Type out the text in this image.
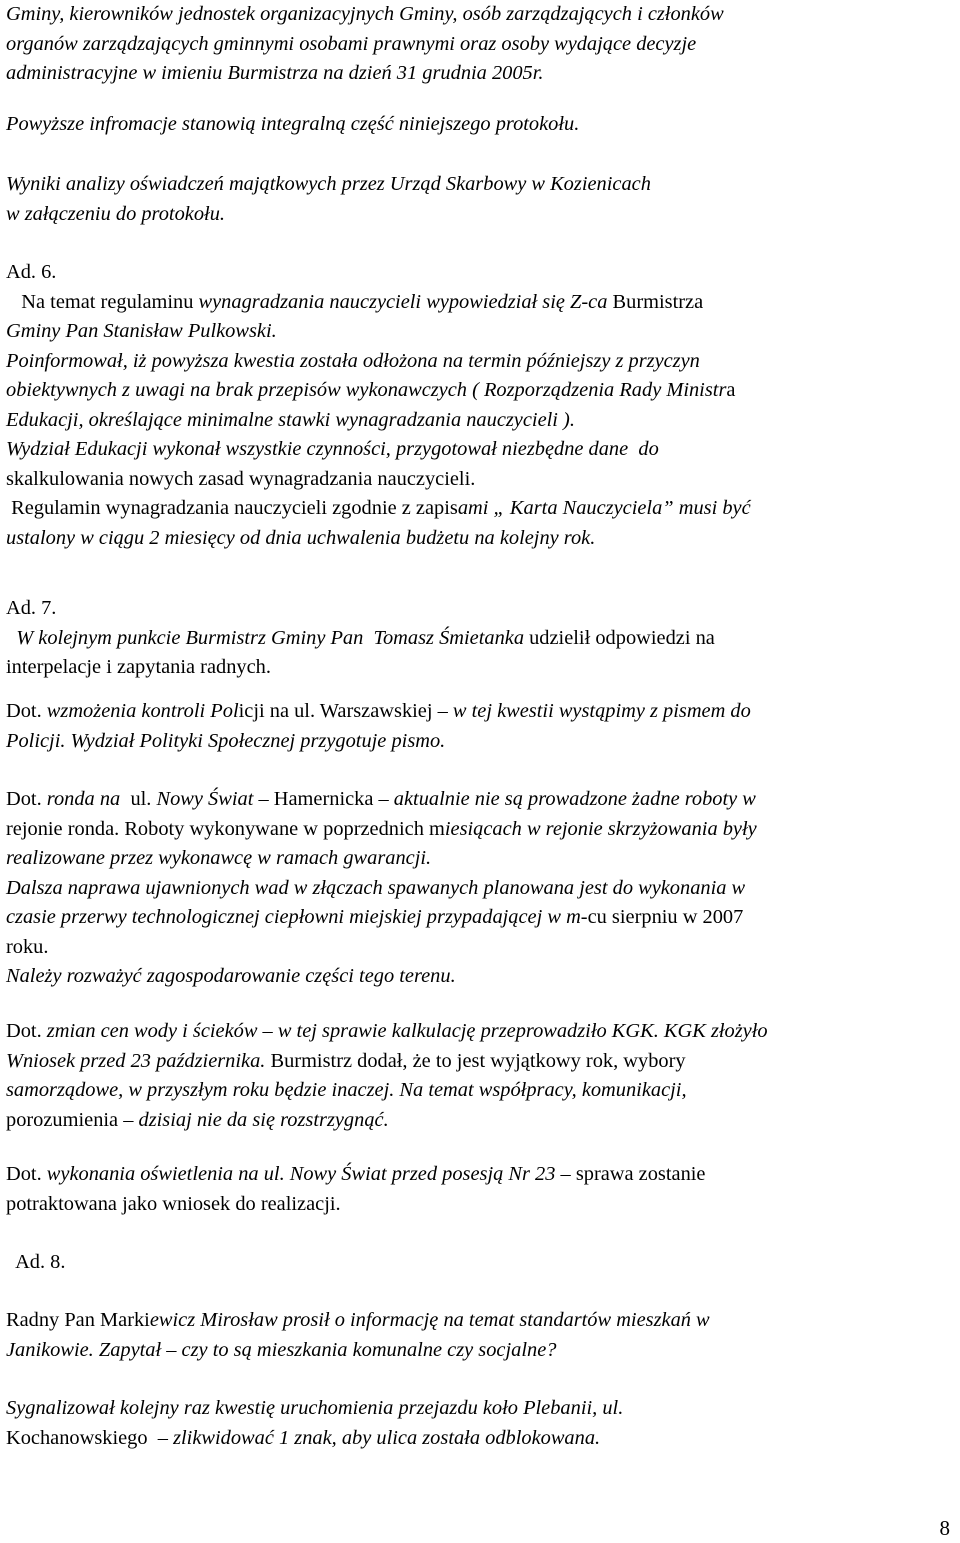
Gminy, kierowników jednostek organizacyjnych Gminy, osób zarządzających i członków
organów zarządzających gminnymi osobami prawnymi oraz osoby wydające decyzje
administracyjne w imieniu Burmistrza na dzień 31 grudnia 2005r.
Powyższe infromacje stanowią integralną część niniejszego protokołu.
Wyniki analizy oświadczeń majątkowych przez Urząd Skarbowy w Kozienicach
w załączeniu do protokołu.
Ad. 6.
Na temat regulaminu wynagradzania nauczycieli wypowiedział się Z-ca Burmistrza
Gminy Pan Stanisław Pulkowski.
Poinformował, iż powyższa kwestia została odłożona na termin późniejszy z przyczyn
obiektywnych z uwagi na brak przepisów wykonawczych ( Rozporządzenia Rady Ministra
Edukacji, określające minimalne stawki wynagradzania nauczycieli ).
Wydział Edukacji wykonał wszystkie czynności, przygotował niezbędne dane  do
skalkulowania nowych zasad wynagradzania nauczycieli.
Regulamin wynagradzania nauczycieli zgodnie z zapisami „ Karta Nauczyciela” musi być
ustalony w ciągu 2 miesięcy od dnia uchwalenia budżetu na kolejny rok.
Ad. 7.
W kolejnym punkcie Burmistrz Gminy Pan  Tomasz Śmietanka udzielił odpowiedzi na
interpelacje i zapytania radnych.
Dot. wzmożenia kontroli Policji na ul. Warszawskiej – w tej kwestii wystąpimy z pismem do
Policji. Wydział Polityki Społecznej przygotuje pismo.
Dot. ronda na  ul. Nowy Świat – Hamernicka – aktualnie nie są prowadzone żadne roboty w
rejonie ronda. Roboty wykonywane w poprzednich miesiącach w rejonie skrzyżowania były
realizowane przez wykonawcę w ramach gwarancji.
Dalsza naprawa ujawnionych wad w złączach spawanych planowana jest do wykonania w
czasie przerwy technologicznej ciepłowni miejskiej przypadającej w m-cu sierpniu w 2007
roku.
Należy rozważyć zagospodarowanie części tego terenu.
Dot. zmian cen wody i ścieków – w tej sprawie kalkulację przeprowadziło KGK. KGK złożyło
Wniosek przed 23 października. Burmistrz dodał, że to jest wyjątkowy rok, wybory
samorządowe, w przyszłym roku będzie inaczej. Na temat współpracy, komunikacji,
porozumienia – dzisiaj nie da się rozstrzygnąć.
Dot. wykonania oświetlenia na ul. Nowy Świat przed posesją Nr 23 – sprawa zostanie
potraktowana jako wniosek do realizacji.
Ad. 8.
Radny Pan Markiewicz Mirosław prosił o informację na temat standartów mieszkań w
Janikowie. Zapytał – czy to są mieszkania komunalne czy socjalne?
Sygnalizował kolejny raz kwestię uruchomienia przejazdu koło Plebanii, ul.
Kochanowskiego  – zlikwidować 1 znak, aby ulica została odblokowana.
8
